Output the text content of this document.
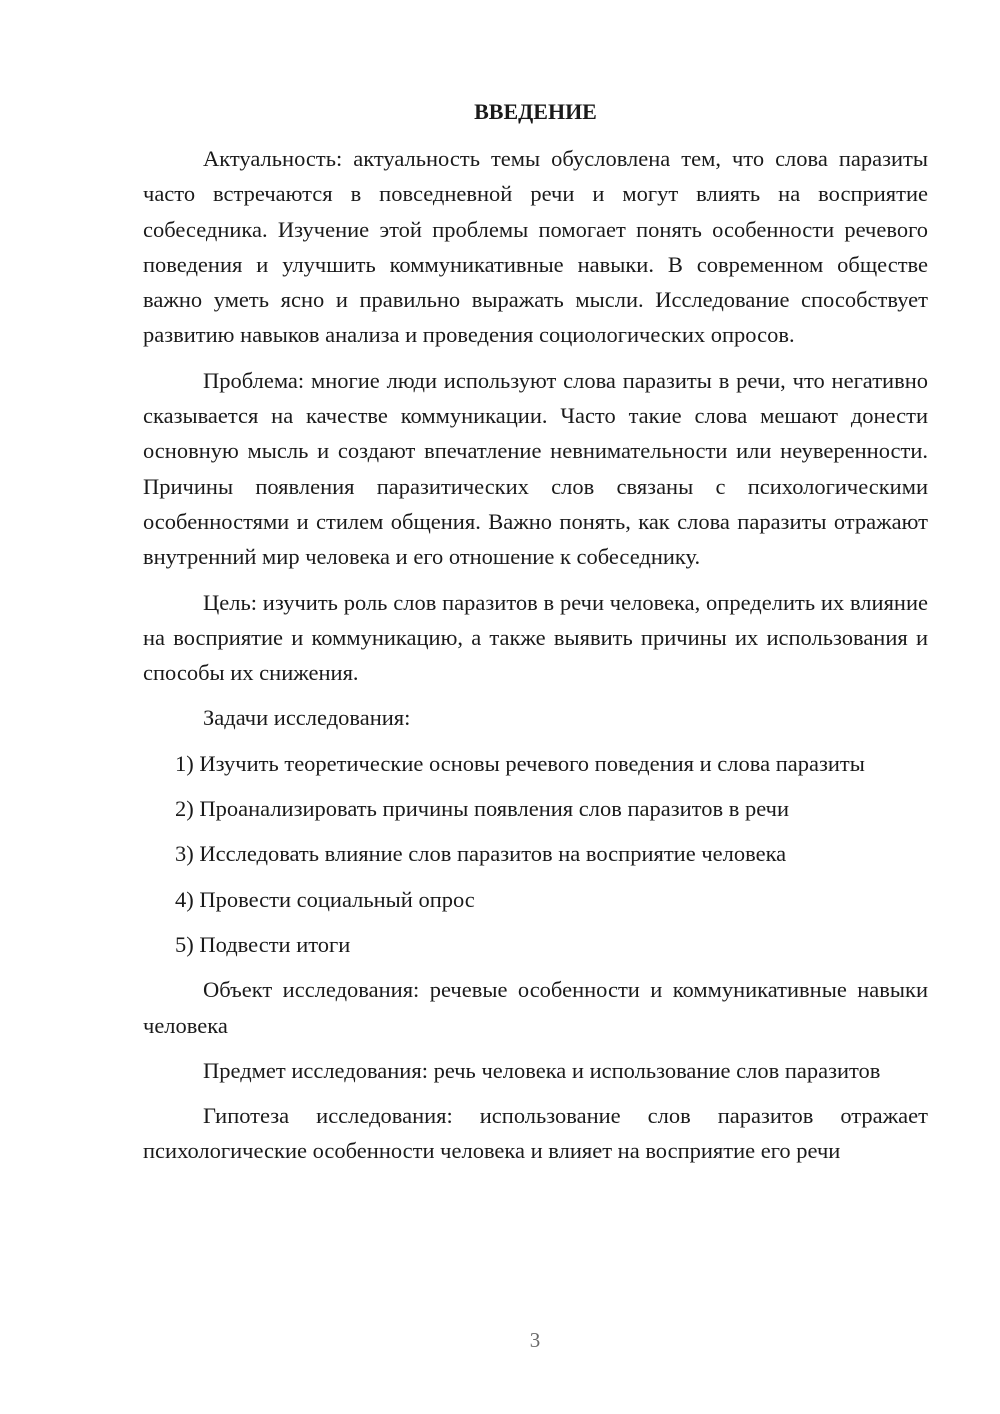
ВВЕДЕНИЕ

Актуальность: актуальность темы обусловлена тем, что слова паразиты часто встречаются в повседневной речи и могут влиять на восприятие собеседника. Изучение этой проблемы помогает понять особенности речевого поведения и улучшить коммуникативные навыки. В современном обществе важно уметь ясно и правильно выражать мысли. Исследование способствует развитию навыков анализа и проведения социологических опросов.

Проблема: многие люди используют слова паразиты в речи, что негативно сказывается на качестве коммуникации. Часто такие слова мешают донести основную мысль и создают впечатление невнимательности или неуверенности. Причины появления паразитических слов связаны с психологическими особенностями и стилем общения. Важно понять, как слова паразиты отражают внутренний мир человека и его отношение к собеседнику.

Цель: изучить роль слов паразитов в речи человека, определить их влияние на восприятие и коммуникацию, а также выявить причины их использования и способы их снижения.

Задачи исследования:

1) Изучить теоретические основы речевого поведения и слова паразиты
2) Проанализировать причины появления слов паразитов в речи
3) Исследовать влияние слов паразитов на восприятие человека
4) Провести социальный опрос
5) Подвести итоги

Объект исследования: речевые особенности и коммуникативные навыки человека

Предмет исследования: речь человека и использование слов паразитов

Гипотеза исследования: использование слов паразитов отражает психологические особенности человека и влияет на восприятие его речи

3
